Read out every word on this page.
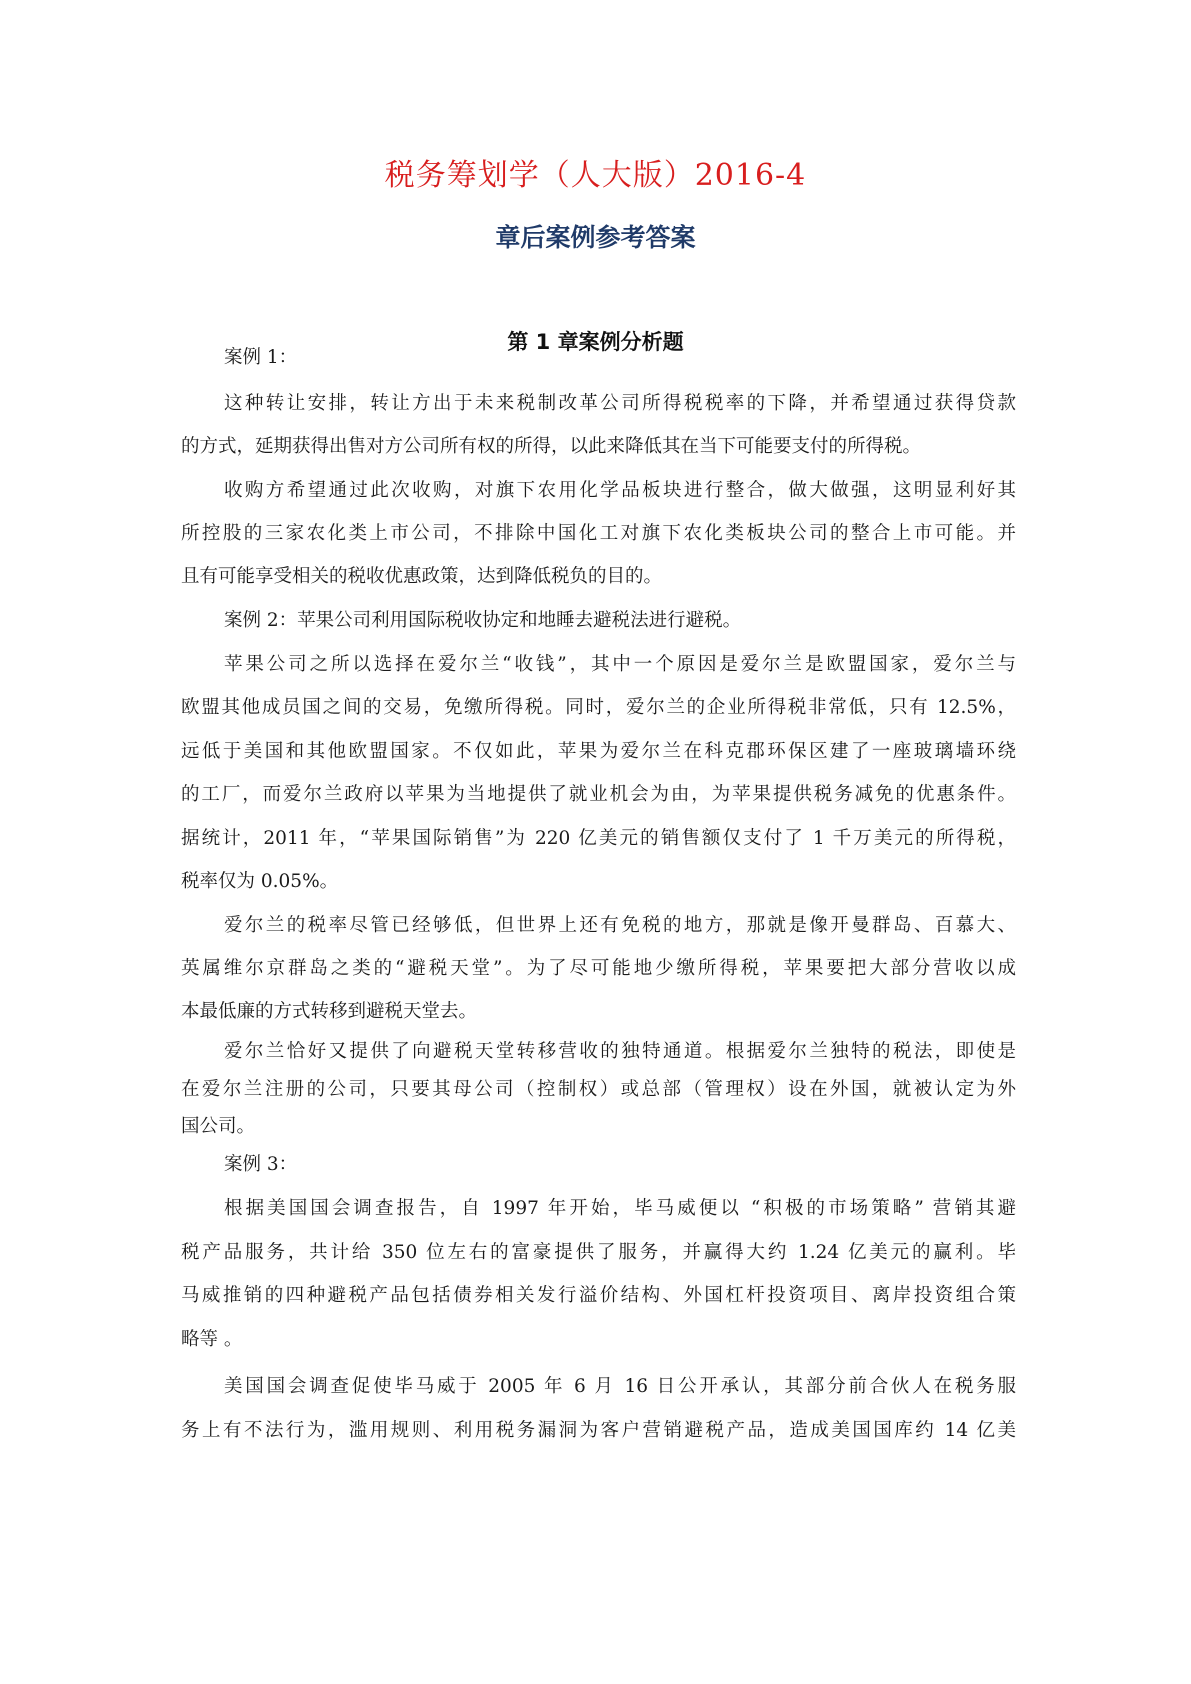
税务筹划学（人大版）2016-4
章后案例参考答案
第 1 章案例分析题
案例 1：
这种转让安排，转让方出于未来税制改革公司所得税税率的下降，并希望通过获得贷款
的方式，延期获得出售对方公司所有权的所得，以此来降低其在当下可能要支付的所得税。
收购方希望通过此次收购，对旗下农用化学品板块进行整合，做大做强，这明显利好其
所控股的三家农化类上市公司，不排除中国化工对旗下农化类板块公司的整合上市可能。并
且有可能享受相关的税收优惠政策，达到降低税负的目的。
案例 2：苹果公司利用国际税收协定和地睡去避税法进行避税。
苹果公司之所以选择在爱尔兰“收钱”，其中一个原因是爱尔兰是欧盟国家，爱尔兰与
欧盟其他成员国之间的交易，免缴所得税。同时，爱尔兰的企业所得税非常低，只有 12.5%，
远低于美国和其他欧盟国家。不仅如此，苹果为爱尔兰在科克郡环保区建了一座玻璃墙环绕
的工厂，而爱尔兰政府以苹果为当地提供了就业机会为由，为苹果提供税务减免的优惠条件。
据统计，2011 年，“苹果国际销售”为 220 亿美元的销售额仅支付了 1 千万美元的所得税，
税率仅为 0.05%。
爱尔兰的税率尽管已经够低，但世界上还有免税的地方，那就是像开曼群岛、百慕大、
英属维尔京群岛之类的“避税天堂”。为了尽可能地少缴所得税，苹果要把大部分营收以成
本最低廉的方式转移到避税天堂去。
爱尔兰恰好又提供了向避税天堂转移营收的独特通道。根据爱尔兰独特的税法，即使是
在爱尔兰注册的公司，只要其母公司（控制权）或总部（管理权）设在外国，就被认定为外
国公司。
案例 3：
根据美国国会调查报告，自 1997 年开始，毕马威便以 “积极的市场策略” 营销其避
税产品服务，共计给 350 位左右的富豪提供了服务，并赢得大约 1.24 亿美元的赢利。毕
马威推销的四种避税产品包括债券相关发行溢价结构、外国杠杆投资项目、离岸投资组合策
略等 。
美国国会调查促使毕马威于 2005 年 6 月 16 日公开承认，其部分前合伙人在税务服
务上有不法行为，滥用规则、利用税务漏洞为客户营销避税产品，造成美国国库约 14 亿美
